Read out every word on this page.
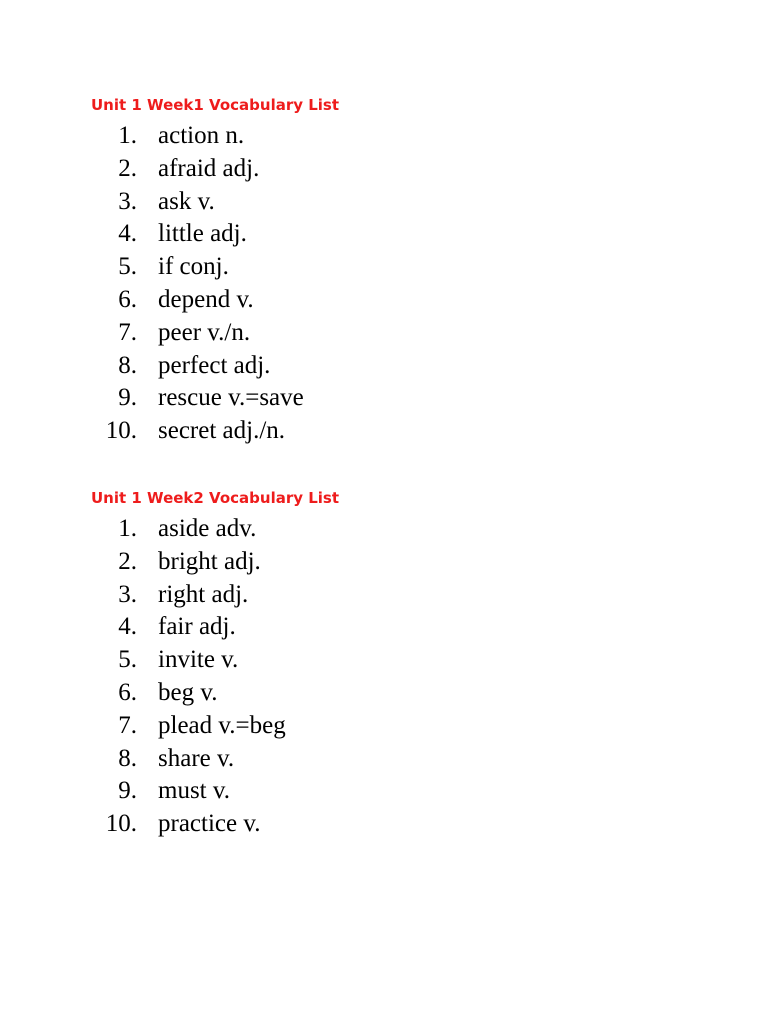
Unit 1 Week1 Vocabulary List
1. action n.
2. afraid adj.
3. ask v.
4. little adj.
5. if conj.
6. depend v.
7. peer v./n.
8. perfect adj.
9. rescue v.=save
10. secret adj./n.
Unit 1 Week2 Vocabulary List
1. aside adv.
2. bright adj.
3. right adj.
4. fair adj.
5. invite v.
6. beg v.
7. plead v.=beg
8. share v.
9. must v.
10. practice v.
